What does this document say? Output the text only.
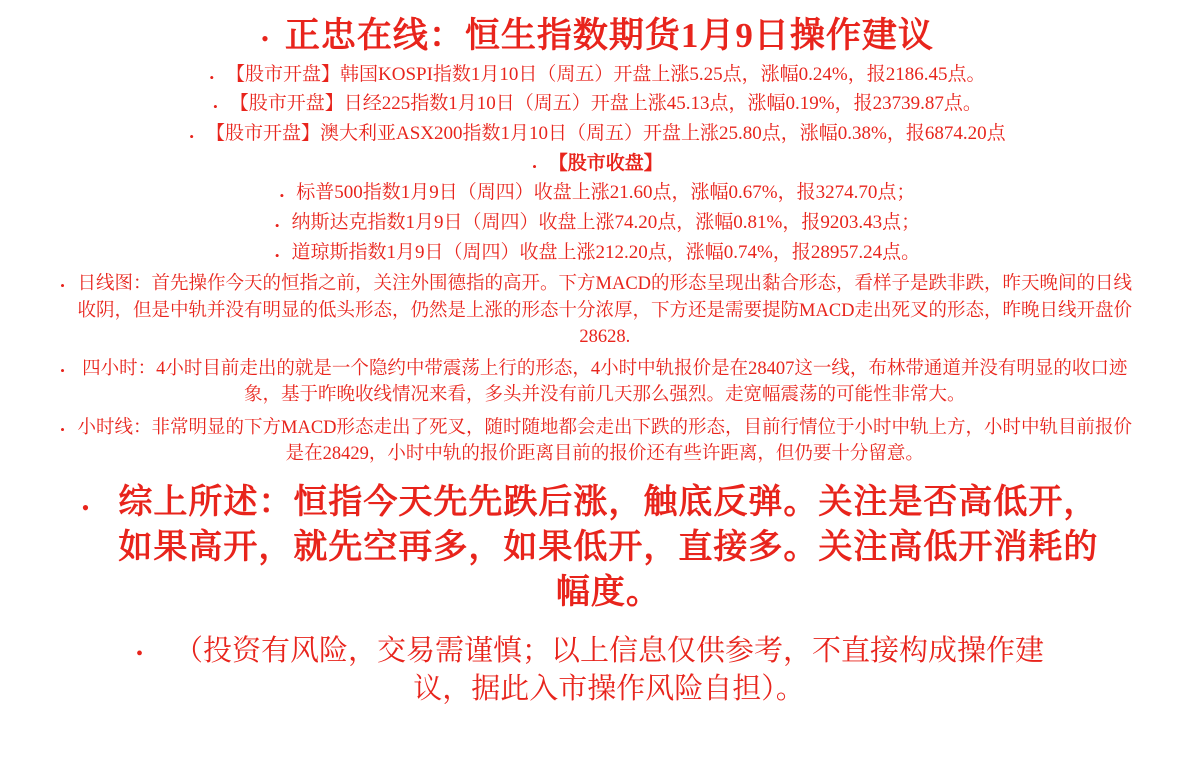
• 正忠在线：恒生指数期货1月9日操作建议
• 【股市开盘】韩国KOSPI指数1月10日（周五）开盘上涨5.25点，涨幅0.24%，报2186.45点。
• 【股市开盘】日经225指数1月10日（周五）开盘上涨45.13点，涨幅0.19%，报23739.87点。
• 【股市开盘】澳大利亚ASX200指数1月10日（周五）开盘上涨25.80点，涨幅0.38%，报6874.20点
• 【股市收盘】
• 标普500指数1月9日（周四）收盘上涨21.60点，涨幅0.67%，报3274.70点；
• 纳斯达克指数1月9日（周四）收盘上涨74.20点，涨幅0.81%，报9203.43点；
• 道琼斯指数1月9日（周四）收盘上涨212.20点，涨幅0.74%，报28957.24点。
• 日线图：首先操作今天的恒指之前，关注外围德指的高开。下方MACD的形态呈现出黏合形态，看样子是跌非跌，昨天晚间的日线收阴，但是中轨并没有明显的低头形态，仍然是上涨的形态十分浓厚，下方还是需要提防MACD走出死叉的形态，昨晚日线开盘价28628.
• 四小时：4小时目前走出的就是一个隐约中带震荡上行的形态，4小时中轨报价是在28407这一线，布林带通道并没有明显的收口迹象，基于昨晚收线情况来看，多头并没有前几天那么强烈。走宽幅震荡的可能性非常大。
• 小时线：非常明显的下方MACD形态走出了死叉，随时随地都会走出下跌的形态，目前行情位于小时中轨上方，小时中轨目前报价是在28429，小时中轨的报价距离目前的报价还有些许距离，但仍要十分留意。
• 综上所述：恒指今天先先跌后涨，触底反弹。关注是否高低开，如果高开，就先空再多，如果低开，直接多。关注高低开消耗的幅度。
•	（投资有风险，交易需谨慎；以上信息仅供参考，不直接构成操作建议，据此入市操作风险自担）。
